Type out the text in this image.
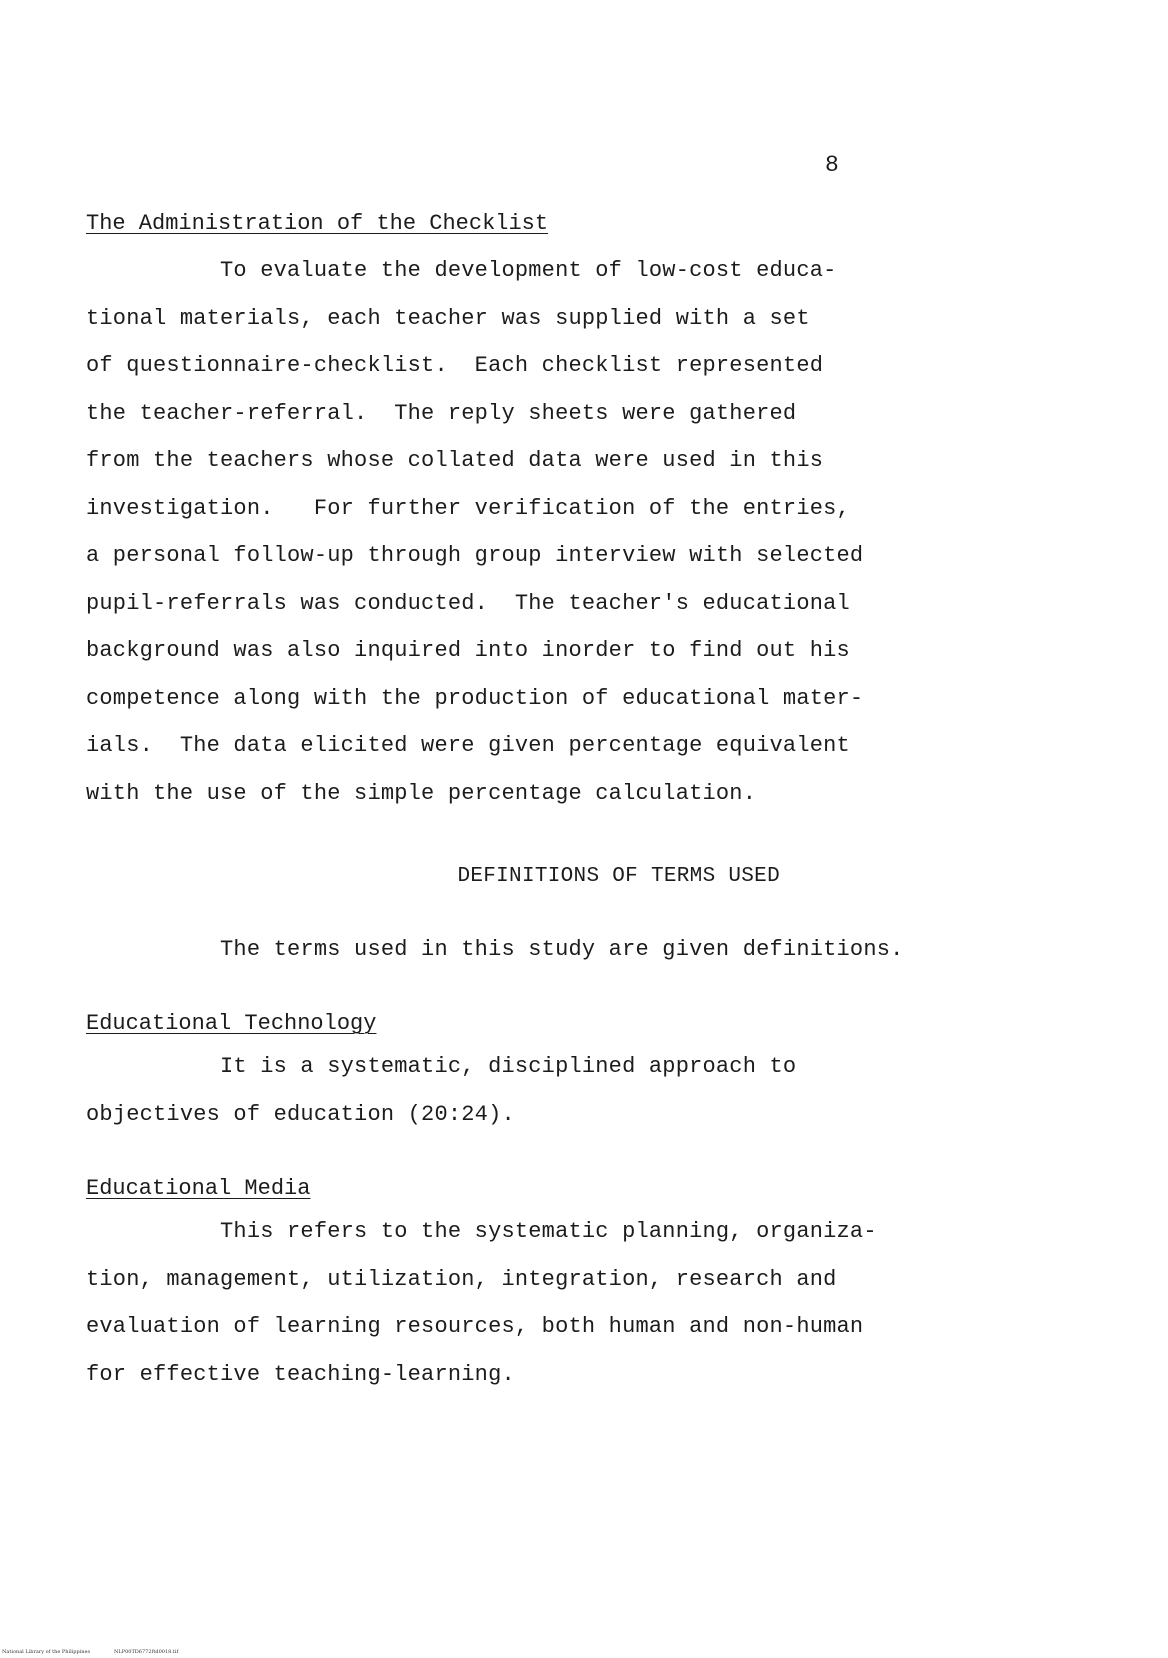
8
The Administration of the Checklist
To evaluate the development of low-cost educa-
tional materials, each teacher was supplied with a set
of questionnaire-checklist.  Each checklist represented
the teacher-referral.  The reply sheets were gathered
from the teachers whose collated data were used in this
investigation.   For further verification of the entries,
a personal follow-up through group interview with selected
pupil-referrals was conducted.  The teacher's educational
background was also inquired into inorder to find out his
competence along with the production of educational mater-
ials.  The data elicited were given percentage equivalent
with the use of the simple percentage calculation.
DEFINITIONS OF TERMS USED
The terms used in this study are given definitions.
Educational Technology
It is a systematic, disciplined approach to
objectives of education (20:24).
Educational Media
This refers to the systematic planning, organiza-
tion, management, utilization, integration, research and
evaluation of learning resources, both human and non-human
for effective teaching-learning.
National Library of the Philippines	NLP00TD6772ftd0018.tif
